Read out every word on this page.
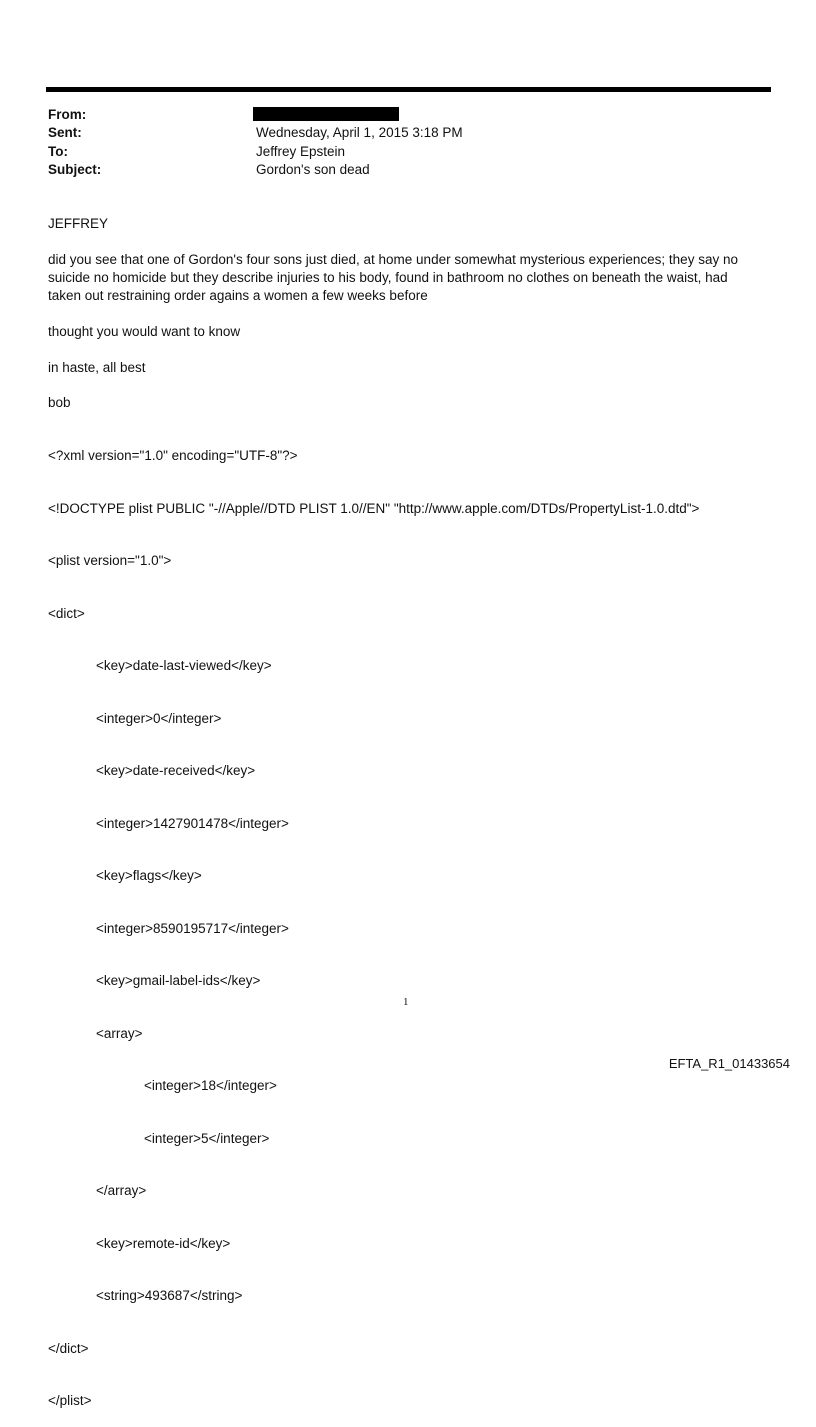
From:
Sent:	Wednesday, April 1, 2015 3:18 PM
To:	Jeffrey Epstein
Subject:	Gordon's son dead
JEFFREY

did you see that one of Gordon's four sons just died, at home under somewhat mysterious experiences; they say no suicide no homicide but they describe injuries to his body, found in bathroom no clothes on beneath the waist, had taken out restraining order agains a women a few weeks before

thought you would want to know
in haste, all best
bob

<?xml version="1.0" encoding="UTF-8"?>

<!DOCTYPE plist PUBLIC "-//Apple//DTD PLIST 1.0//EN" "http://www.apple.com/DTDs/PropertyList-1.0.dtd">

<plist version="1.0">

<dict>

<key>date-last-viewed</key>

<integer>0</integer>

<key>date-received</key>

<integer>1427901478</integer>

<key>flags</key>

<integer>8590195717</integer>

<key>gmail-label-ids</key>

<array>

<integer>18</integer>

<integer>5</integer>

</array>

<key>remote-id</key>

<string>493687</string>

</dict>

</plist>

1
EFTA_R1_01433654
